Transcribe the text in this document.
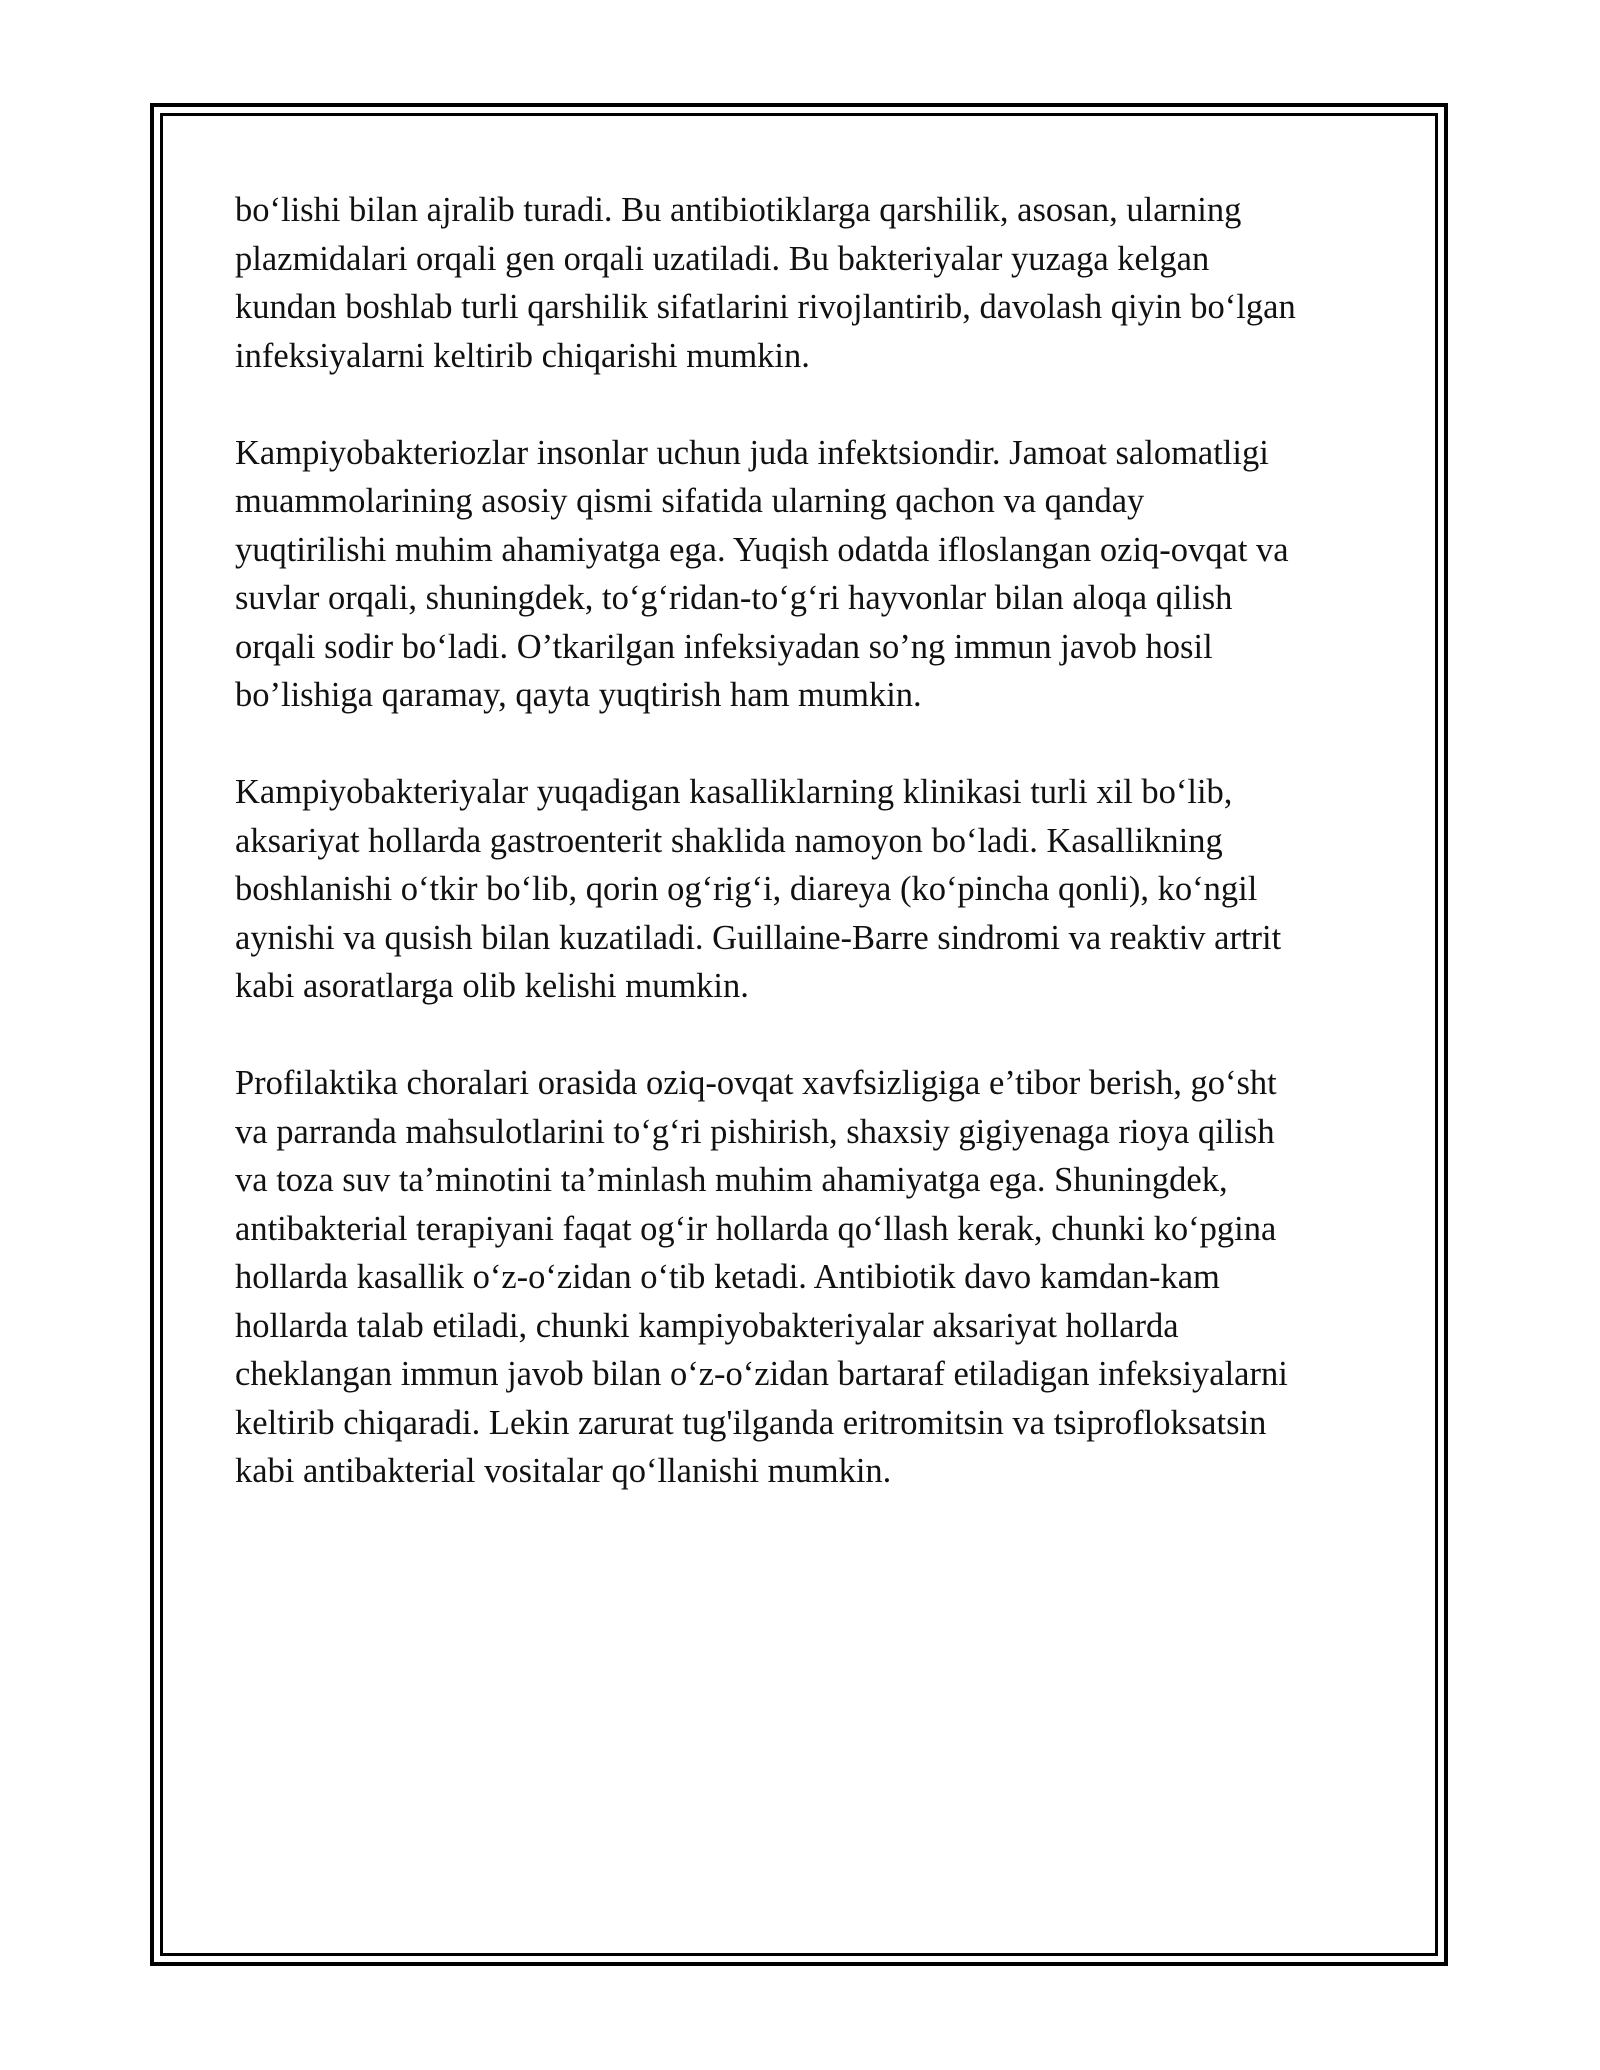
bo‘lishi bilan ajralib turadi. Bu antibiotiklarga qarshilik, asosan, ularning
plazmidalari orqali gen orqali uzatiladi. Bu bakteriyalar yuzaga kelgan
kundan boshlab turli qarshilik sifatlarini rivojlantirib, davolash qiyin bo‘lgan
infeksiyalarni keltirib chiqarishi mumkin.

Kampiyobakteriozlar insonlar uchun juda infektsiondir. Jamoat salomatligi
muammolarining asosiy qismi sifatida ularning qachon va qanday
yuqtirilishi muhim ahamiyatga ega. Yuqish odatda ifloslangan oziq-ovqat va
suvlar orqali, shuningdek, to‘g‘ridan-to‘g‘ri hayvonlar bilan aloqa qilish
orqali sodir bo‘ladi. O’tkarilgan infeksiyadan so’ng immun javob hosil
bo’lishiga qaramay, qayta yuqtirish ham mumkin.

Kampiyobakteriyalar yuqadigan kasalliklarning klinikasi turli xil bo‘lib,
aksariyat hollarda gastroenterit shaklida namoyon bo‘ladi. Kasallikning
boshlanishi o‘tkir bo‘lib, qorin og‘rig‘i, diareya (ko‘pincha qonli), ko‘ngil
aynishi va qusish bilan kuzatiladi. Guillaine-Barre sindromi va reaktiv artrit
kabi asoratlarga olib kelishi mumkin.

Profilaktika choralari orasida oziq-ovqat xavfsizligiga e’tibor berish, go‘sht
va parranda mahsulotlarini to‘g‘ri pishirish, shaxsiy gigiyenaga rioya qilish
va toza suv ta’minotini ta’minlash muhim ahamiyatga ega. Shuningdek,
antibakterial terapiyani faqat og‘ir hollarda qo‘llash kerak, chunki ko‘pgina
hollarda kasallik o‘z-o‘zidan o‘tib ketadi. Antibiotik davo kamdan-kam
hollarda talab etiladi, chunki kampiyobakteriyalar aksariyat hollarda
cheklangan immun javob bilan oʻz-oʻzidan bartaraf etiladigan infeksiyalarni
keltirib chiqaradi. Lekin zarurat tug'ilganda eritromitsin va tsiprofloksatsin
kabi antibakterial vositalar qo‘llanishi mumkin.
